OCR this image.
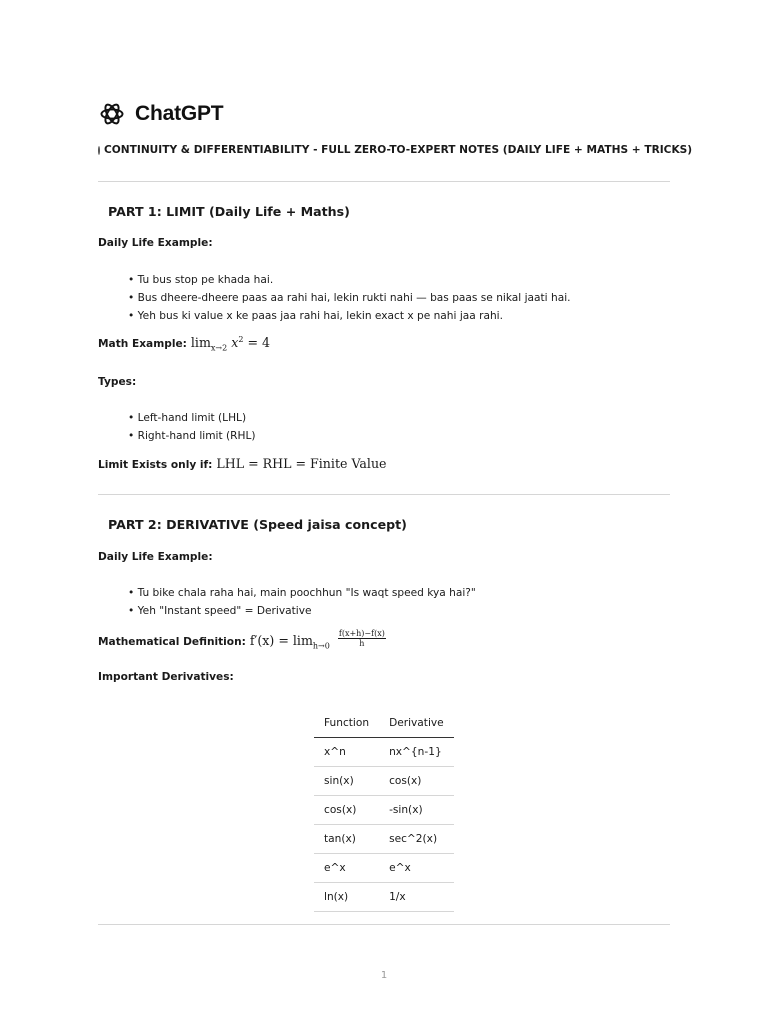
ChatGPT
CONTINUITY & DIFFERENTIABILITY - FULL ZERO-TO-EXPERT NOTES (DAILY LIFE + MATHS + TRICKS)
PART 1: LIMIT (Daily Life + Maths)
Daily Life Example:
• Tu bus stop pe khada hai.
• Bus dheere-dheere paas aa rahi hai, lekin rukti nahi — bas paas se nikal jaati hai.
• Yeh bus ki value x ke paas jaa rahi hai, lekin exact x pe nahi jaa rahi.
Math Example: $\lim_{x\to 2} x^2 = 4$
Types:
• Left-hand limit (LHL)
• Right-hand limit (RHL)
Limit Exists only if: LHL = RHL = Finite Value
PART 2: DERIVATIVE (Speed jaisa concept)
Daily Life Example:
• Tu bike chala raha hai, main poochhun "Is waqt speed kya hai?"
• Yeh "Instant speed" = Derivative
Mathematical Definition: $f'(x) = \lim_{h\to 0} \frac{f(x+h)-f(x)}{h}$
Important Derivatives:
Function	Derivative
x^n	nx^{n-1}
sin(x)	cos(x)
cos(x)	-sin(x)
tan(x)	sec^2(x)
e^x	e^x
ln(x)	1/x
1
